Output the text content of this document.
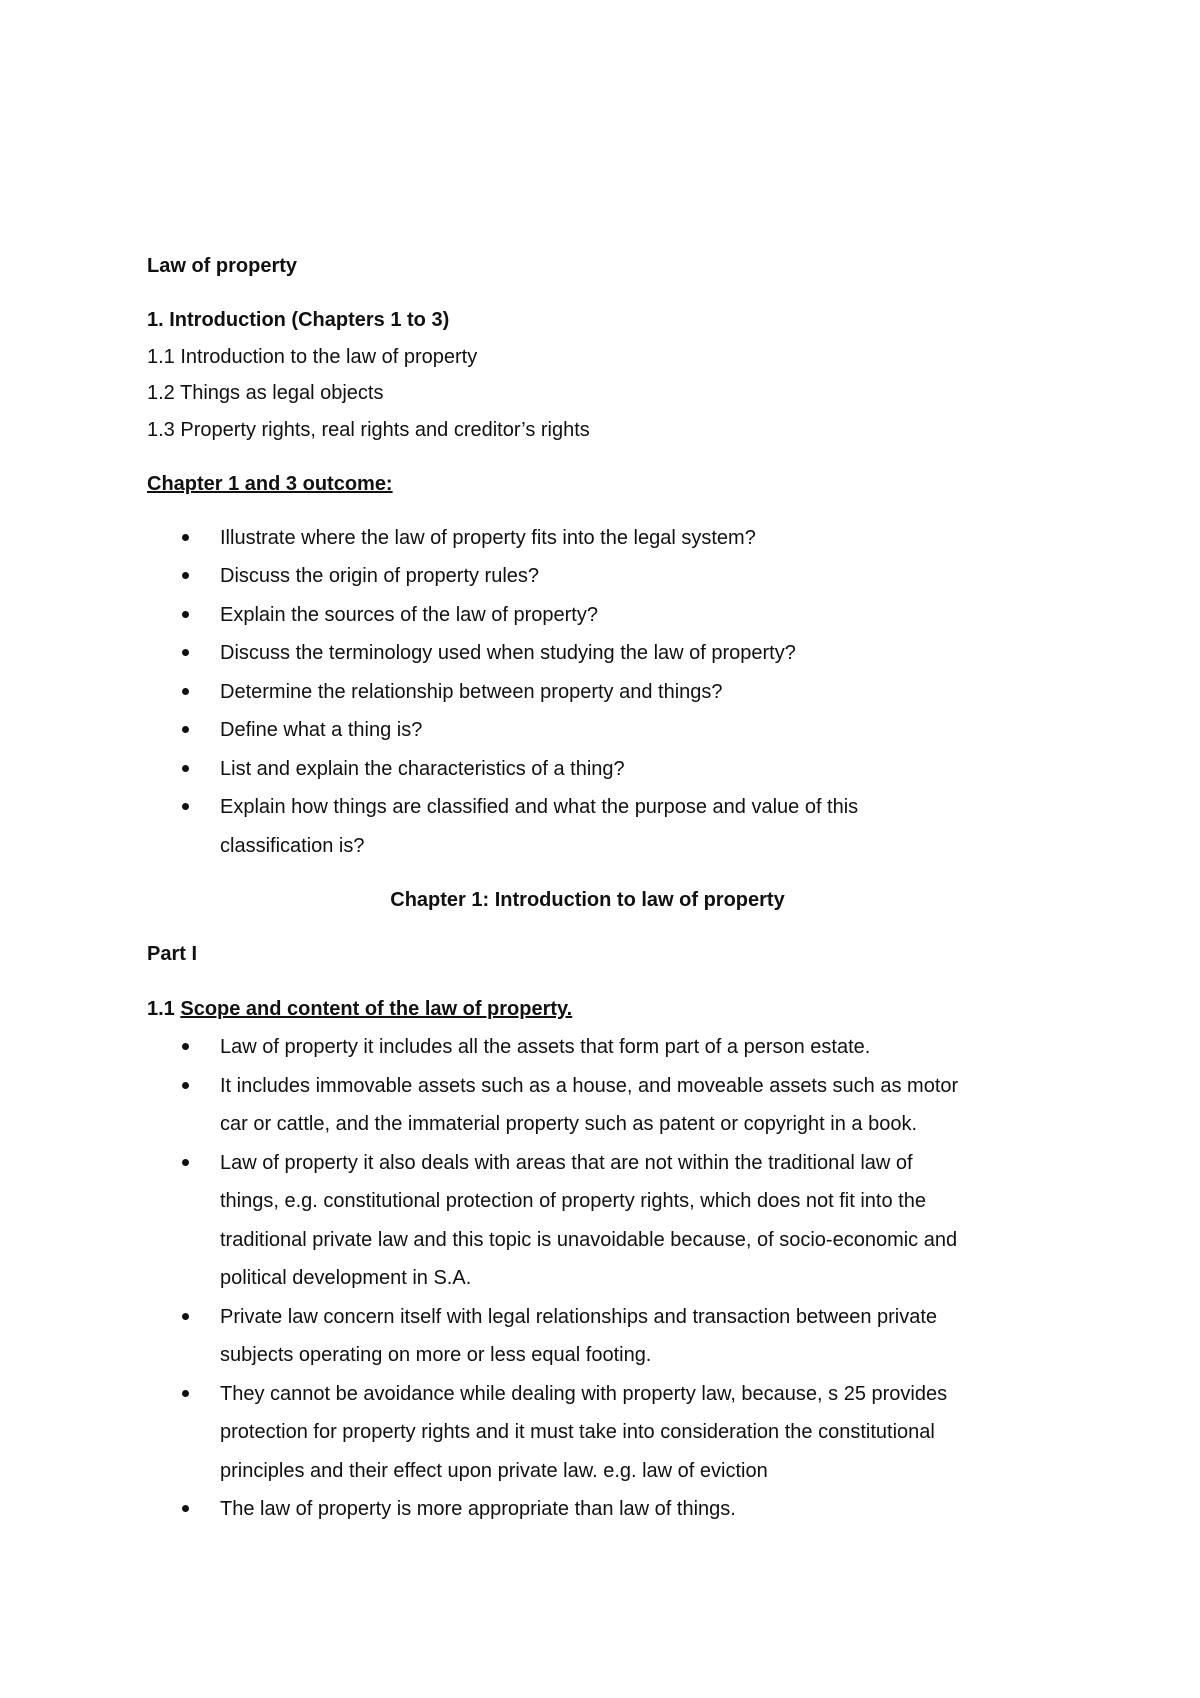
Law of property
1. Introduction (Chapters 1 to 3)
1.1 Introduction to the law of property
1.2 Things as legal objects
1.3 Property rights, real rights and creditor’s rights
Chapter 1 and 3 outcome:
Illustrate where the law of property fits into the legal system?
Discuss the origin of property rules?
Explain the sources of the law of property?
Discuss the terminology used when studying the law of property?
Determine the relationship between property and things?
Define what a thing is?
List and explain the characteristics of a thing?
Explain how things are classified and what the purpose and value of this
classification is?
Chapter 1: Introduction to law of property
Part I
1.1 Scope and content of the law of property.
Law of property it includes all the assets that form part of a person estate.
It includes immovable assets such as a house, and moveable assets such as motor
car or cattle, and the immaterial property such as patent or copyright in a book.
Law of property it also deals with areas that are not within the traditional law of
things, e.g. constitutional protection of property rights, which does not fit into the
traditional private law and this topic is unavoidable because, of socio-economic and
political development in S.A.
Private law concern itself with legal relationships and transaction between private
subjects operating on more or less equal footing.
They cannot be avoidance while dealing with property law, because, s 25 provides
protection for property rights and it must take into consideration the constitutional
principles and their effect upon private law. e.g. law of eviction
The law of property is more appropriate than law of things.
